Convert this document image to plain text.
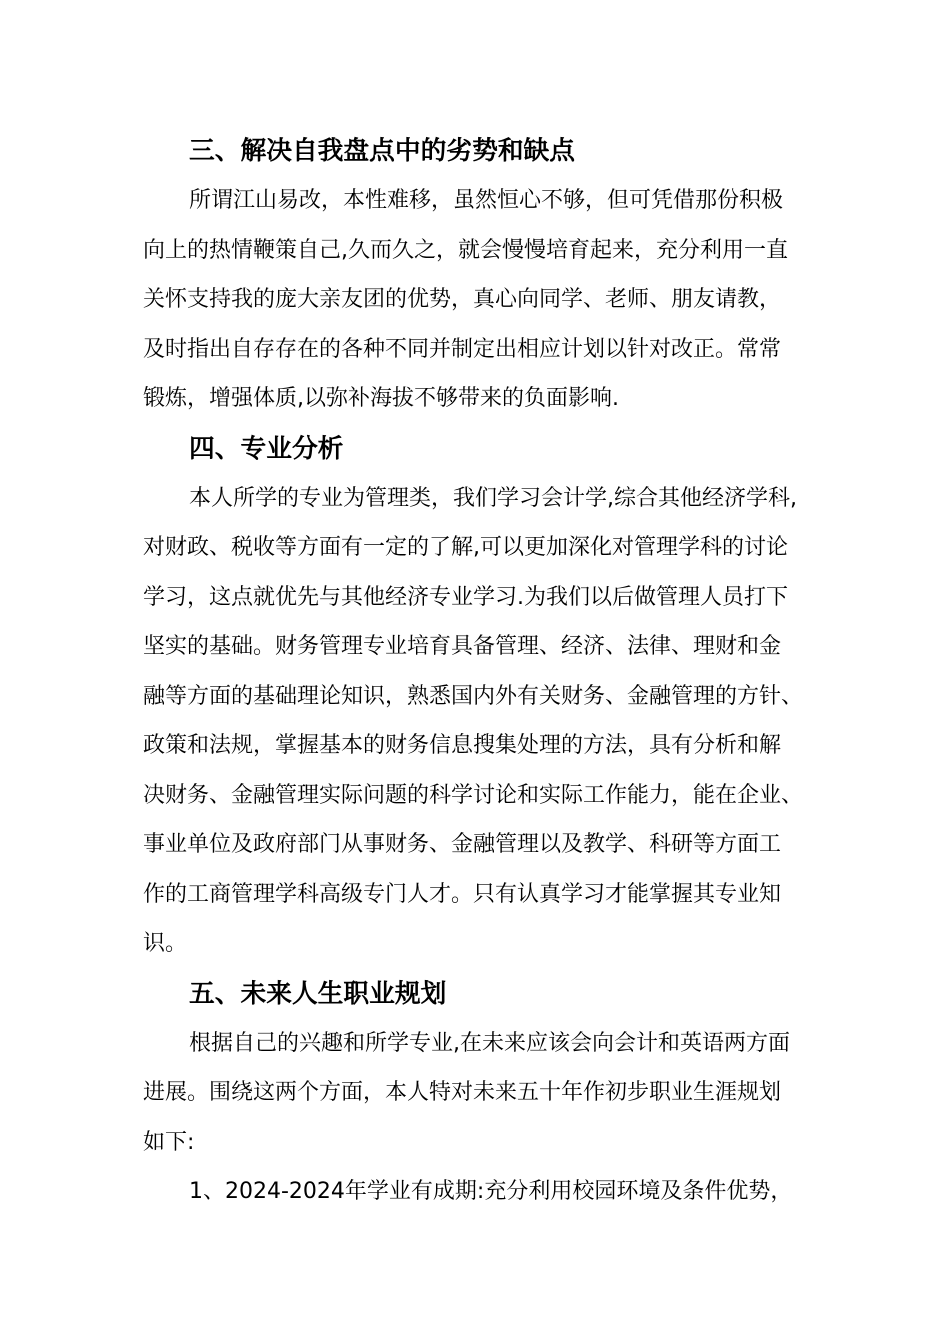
三、解决自我盘点中的劣势和缺点

所谓江山易改，本性难移，虽然恒心不够，但可凭借那份积极
向上的热情鞭策自己,久而久之，就会慢慢培育起来，充分利用一直
关怀支持我的庞大亲友团的优势，真心向同学、老师、朋友请教，
及时指出自存存在的各种不同并制定出相应计划以针对改正。常常
锻炼，增强体质,以弥补海拔不够带来的负面影响.

四、专业分析

本人所学的专业为管理类，我们学习会计学,综合其他经济学科,
对财政、税收等方面有一定的了解,可以更加深化对管理学科的讨论
学习，这点就优先与其他经济专业学习.为我们以后做管理人员打下
坚实的基础。财务管理专业培育具备管理、经济、法律、理财和金
融等方面的基础理论知识，熟悉国内外有关财务、金融管理的方针、
政策和法规，掌握基本的财务信息搜集处理的方法，具有分析和解
决财务、金融管理实际问题的科学讨论和实际工作能力，能在企业、
事业单位及政府部门从事财务、金融管理以及教学、科研等方面工
作的工商管理学科高级专门人才。只有认真学习才能掌握其专业知
识。

五、未来人生职业规划

根据自己的兴趣和所学专业,在未来应该会向会计和英语两方面
进展。围绕这两个方面，本人特对未来五十年作初步职业生涯规划
如下:

1、2024-2024年学业有成期:充分利用校园环境及条件优势，
